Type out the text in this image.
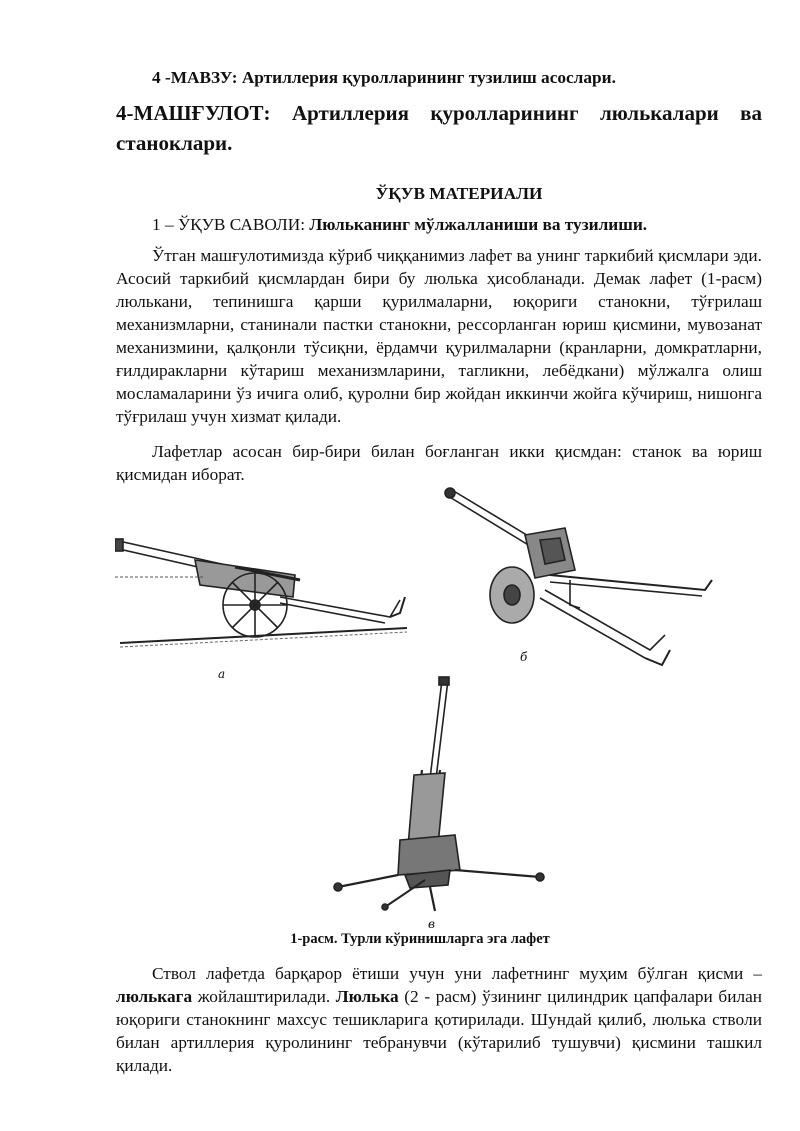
4 -МАВЗУ: Артиллерия қуролларининг тузилиш асослари.
4-МАШҒУЛОТ: Артиллерия қуролларининг люлькалари ва станоклари.
ЎҚУВ МАТЕРИАЛИ
1 – ЎҚУВ САВОЛИ: Люльканинг мўлжалланиши ва тузилиши.
Ўтган машғулотимизда кўриб чиққанимиз лафет ва унинг таркибий қисмлари эди. Асосий таркибий қисмлардан бири бу люлька ҳисобланади. Демак лафет (1-расм) люлькани, тепинишга қарши қурилмаларни, юқориги станокни, тўғрилаш механизмларни, станинали пастки станокни, рессорланган юриш қисмини, мувозанат механизмини, қалқонли тўсиқни, ёрдамчи қурилмаларни (кранларни, домкратларни, ғилдиракларни кўтариш механизмларини, тагликни, лебёдкани) мўлжалга олиш мосламаларини ўз ичига олиб, қуролни бир жойдан иккинчи жойга кўчириш, нишонга тўғрилаш учун хизмат қилади.
Лафетлар асосан бир-бири билан боғланган икки қисмдан: станок ва юриш қисмидан иборат.
а
б
в
1-расм. Турли кўринишларга эга лафет
Ствол лафетда барқарор ётиши учун уни лафетнинг муҳим бўлган қисми – люлькага жойлаштирилади. Люлька (2 - расм) ўзининг цилиндрик цапфалари билан юқориги станокнинг махсус тешикларига қотирилади. Шундай қилиб, люлька ствoли билан артиллерия қуролининг тебранувчи (кўтарилиб тушувчи) қисмини ташкил қилади.
